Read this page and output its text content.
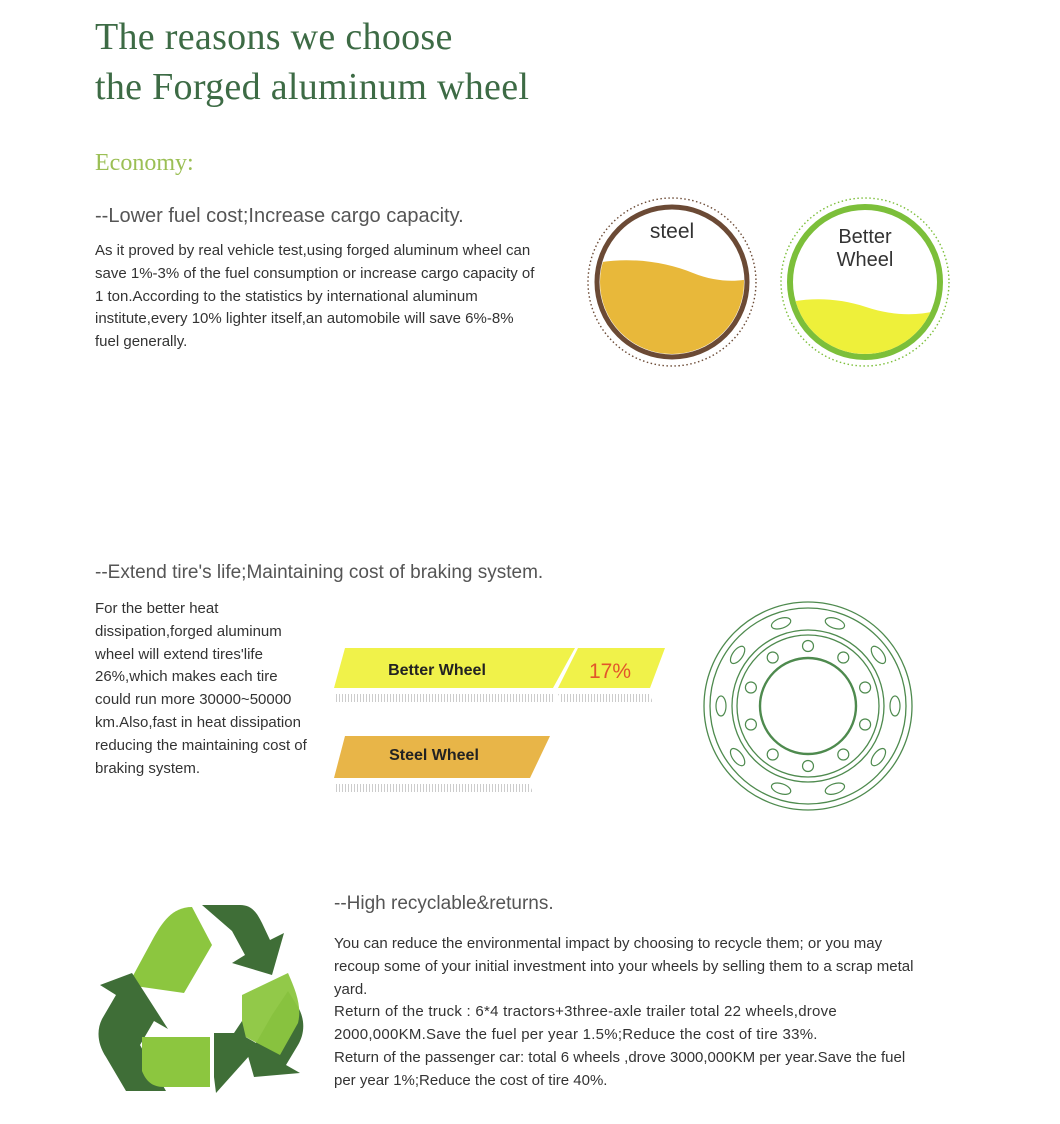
The reasons we choose
the Forged aluminum wheel
Economy:
--Lower fuel cost;Increase cargo capacity.

As it proved by real vehicle test,using forged aluminum wheel can save 1%-3% of the fuel consumption or increase cargo capacity of 1 ton.According to the statistics by international aluminum institute,every 10% lighter itself,an automobile will save 6%-8% fuel generally.

steel	Better
Wheel
--Extend tire's life;Maintaining cost of braking system.

For the better heat dissipation,forged aluminum wheel will extend tires'life 26%,which makes each tire could run more 30000~50000 km.Also,fast in heat dissipation reducing the maintaining cost of braking system.

Better Wheel	17%
Steel Wheel
--High recyclable&returns.

You can reduce the environmental impact by choosing to recycle them; or you may recoup some of your initial investment into your wheels by selling them to a scrap metal yard.

Return of the truck : 6*4 tractors+3three-axle trailer total 22 wheels,drove 2000,000KM.Save the fuel per year 1.5%;Reduce the cost of tire 33%.

Return of the passenger car: total 6 wheels ,drove 3000,000KM per year.Save the fuel per year 1%;Reduce the cost of tire 40%.
